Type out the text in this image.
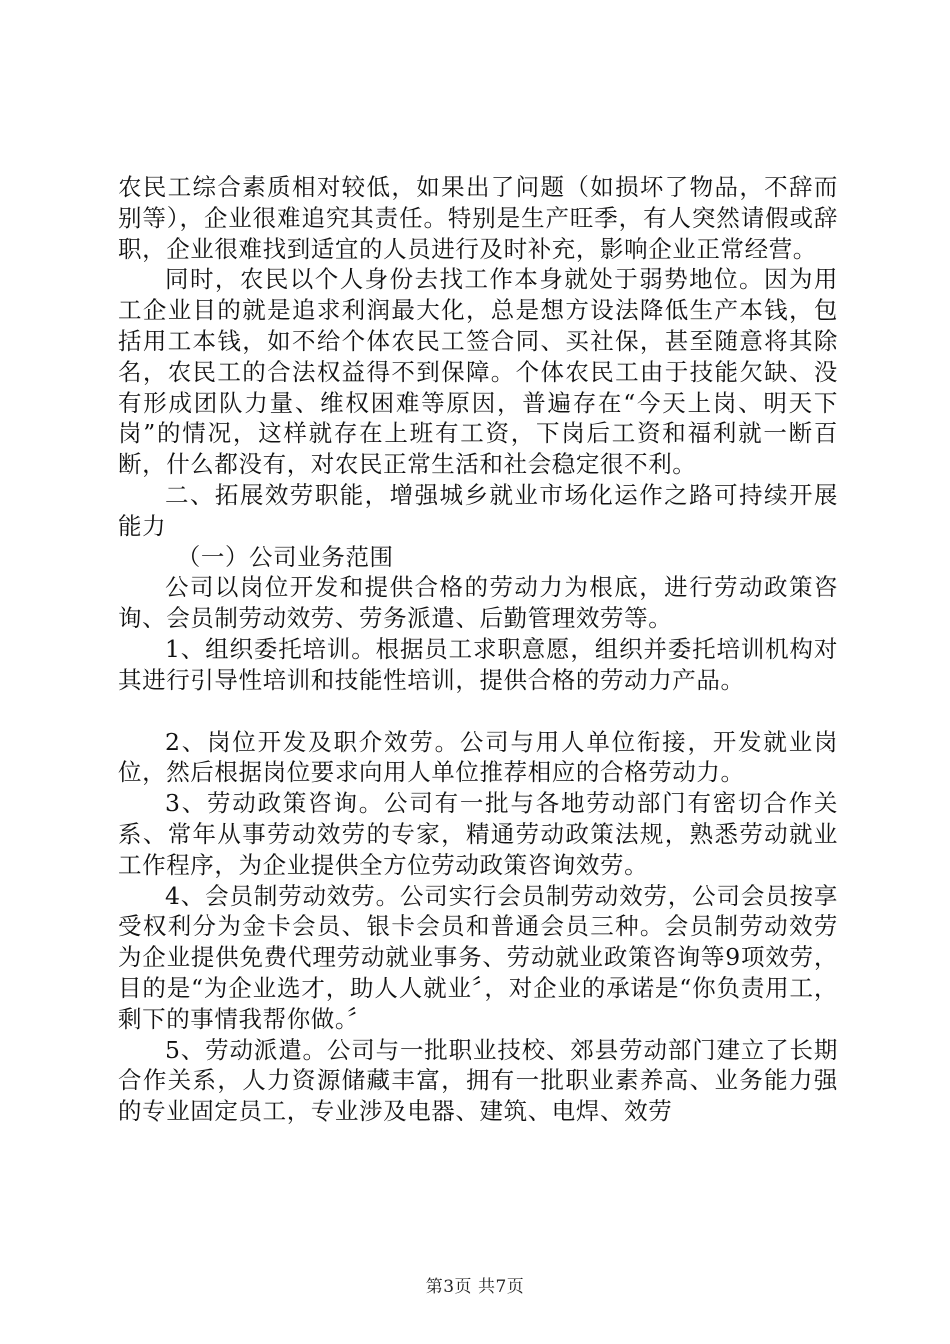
农民工综合素质相对较低，如果出了问题（如损坏了物品，不辞而别等），企业很难追究其责任。特别是生产旺季，有人突然请假或辞职，企业很难找到适宜的人员进行及时补充，影响企业正常经营。

同时，农民以个人身份去找工作本身就处于弱势地位。因为用工企业目的就是追求利润最大化，总是想方设法降低生产本钱，包括用工本钱，如不给个体农民工签合同、买社保，甚至随意将其除名，农民工的合法权益得不到保障。个体农民工由于技能欠缺、没有形成团队力量、维权困难等原因，普遍存在“今天上岗、明天下岗”的情况，这样就存在上班有工资，下岗后工资和福利就一断百断，什么都没有，对农民正常生活和社会稳定很不利。

二、拓展效劳职能，增强城乡就业市场化运作之路可持续开展能力

（一）公司业务范围

公司以岗位开发和提供合格的劳动力为根底，进行劳动政策咨询、会员制劳动效劳、劳务派遣、后勤管理效劳等。

1、组织委托培训。根据员工求职意愿，组织并委托培训机构对其进行引导性培训和技能性培训，提供合格的劳动力产品。

2、岗位开发及职介效劳。公司与用人单位衔接，开发就业岗位，然后根据岗位要求向用人单位推荐相应的合格劳动力。

3、劳动政策咨询。公司有一批与各地劳动部门有密切合作关系、常年从事劳动效劳的专家，精通劳动政策法规，熟悉劳动就业工作程序，为企业提供全方位劳动政策咨询效劳。

4、会员制劳动效劳。公司实行会员制劳动效劳，公司会员按享受权利分为金卡会员、银卡会员和普通会员三种。会员制劳动效劳为企业提供免费代理劳动就业事务、劳动就业政策咨询等9项效劳，目的是“为企业选才，助人人就业〞，对企业的承诺是“你负责用工，剩下的事情我帮你做。〞

5、劳动派遣。公司与一批职业技校、郊县劳动部门建立了长期合作关系，人力资源储藏丰富，拥有一批职业素养高、业务能力强的专业固定员工，专业涉及电器、建筑、电焊、效劳

第3页 共7页
